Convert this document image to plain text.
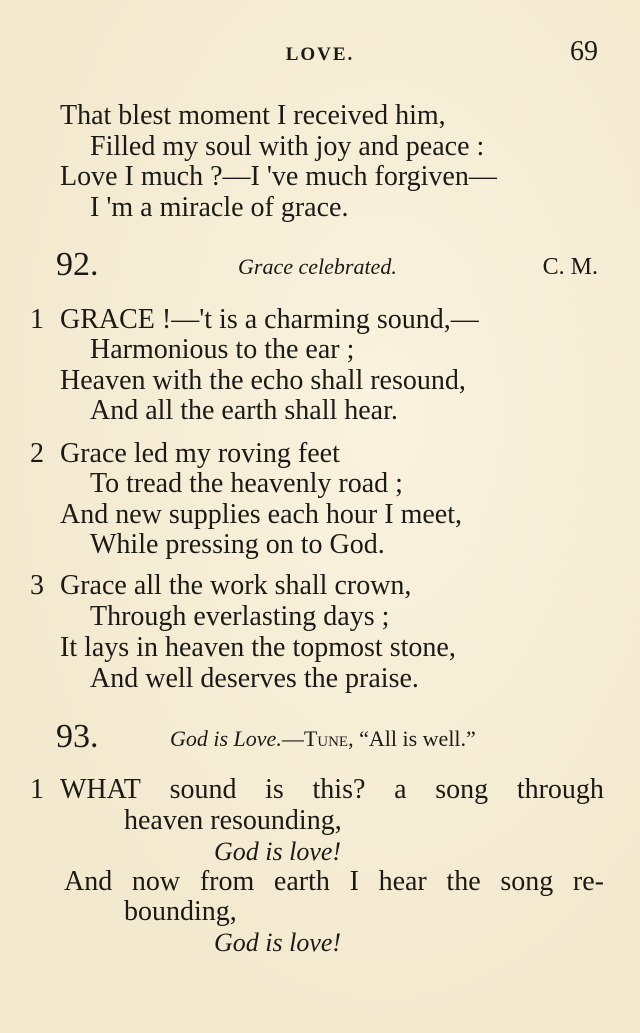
LOVE.	69
That blest moment I received him,
Filled my soul with joy and peace :
Love I much ?—I 've much forgiven—
I 'm a miracle of grace.
92.	Grace celebrated.	C. M.
1 GRACE !—'t is a charming sound,—
Harmonious to the ear ;
Heaven with the echo shall resound,
And all the earth shall hear.
2 Grace led my roving feet
To tread the heavenly road ;
And new supplies each hour I meet,
While pressing on to God.
3 Grace all the work shall crown,
Through everlasting days ;
It lays in heaven the topmost stone,
And well deserves the praise.
93.	God is Love.—Tune, “All is well.”
1 WHAT sound is this? a song through
heaven resounding,
God is love!
And now from earth I hear the song re-
bounding,
God is love!
